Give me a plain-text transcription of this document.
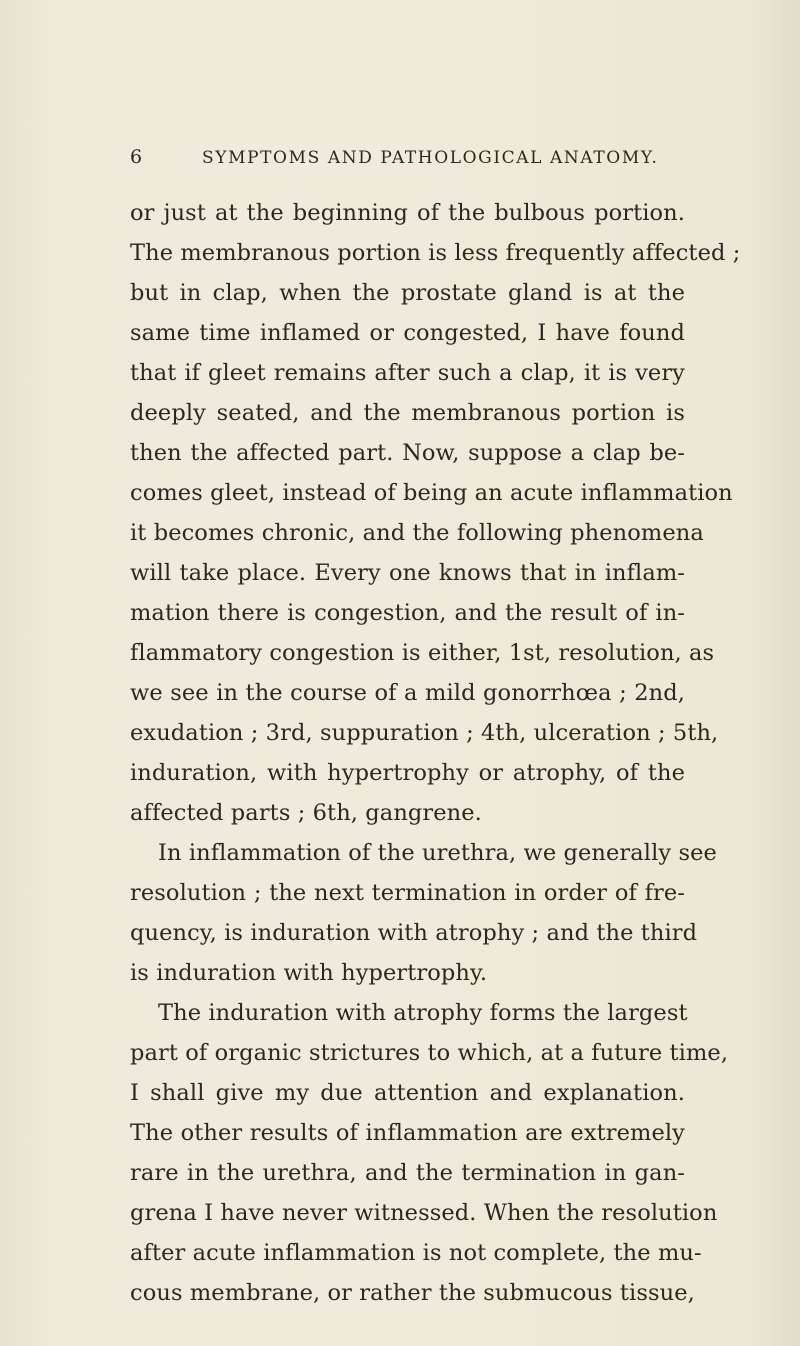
6	SYMPTOMS AND PATHOLOGICAL ANATOMY.
or just at the beginning of the bulbous portion.
The membranous portion is less frequently affected ;
but in clap, when the prostate gland is at the
same time inflamed or congested, I have found
that if gleet remains after such a clap, it is very
deeply seated, and the membranous portion is
then the affected part. Now, suppose a clap be-
comes gleet, instead of being an acute inflammation
it becomes chronic, and the following phenomena
will take place. Every one knows that in inflam-
mation there is congestion, and the result of in-
flammatory congestion is either, 1st, resolution, as
we see in the course of a mild gonorrhœa ; 2nd,
exudation ; 3rd, suppuration ; 4th, ulceration ; 5th,
induration, with hypertrophy or atrophy, of the
affected parts ; 6th, gangrene.
In inflammation of the urethra, we generally see
resolution ; the next termination in order of fre-
quency, is induration with atrophy ; and the third
is induration with hypertrophy.
The induration with atrophy forms the largest
part of organic strictures to which, at a future time,
I shall give my due attention and explanation.
The other results of inflammation are extremely
rare in the urethra, and the termination in gan-
grena I have never witnessed. When the resolution
after acute inflammation is not complete, the mu-
cous membrane, or rather the submucous tissue,
